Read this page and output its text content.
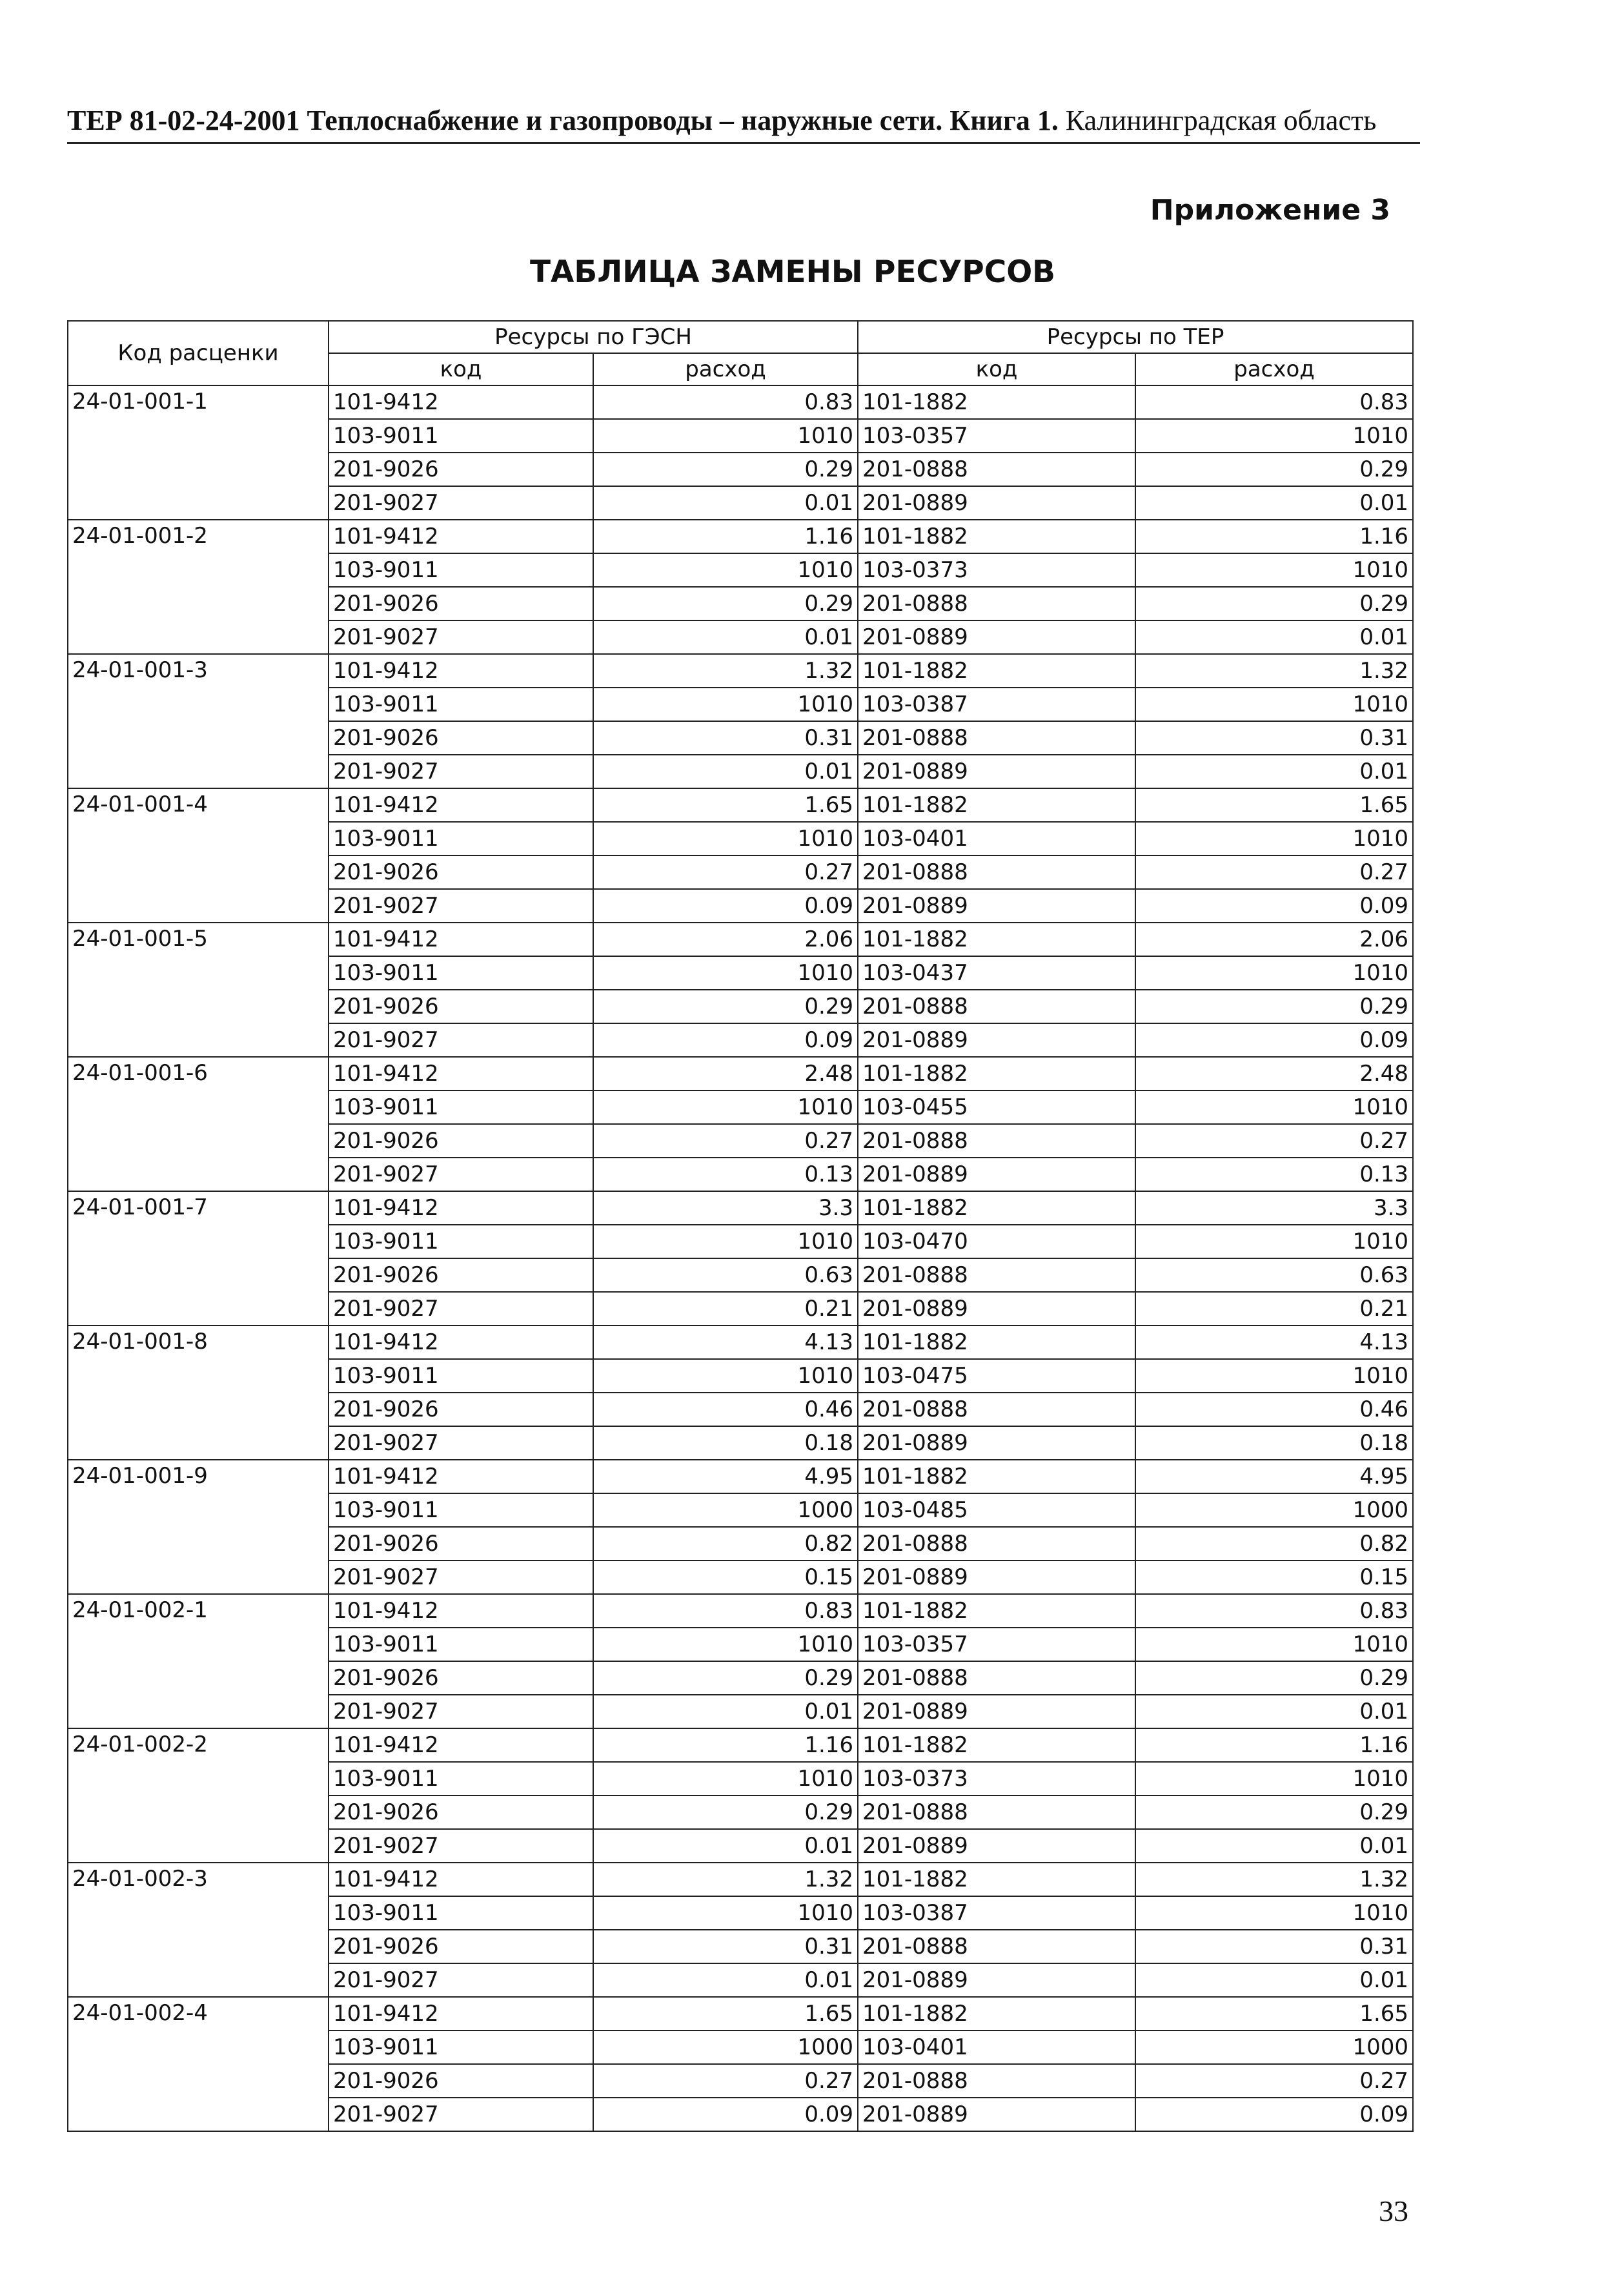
ТЕР 81-02-24-2001 Теплоснабжение и газопроводы – наружные сети. Книга 1. Калининградская область
Приложение 3
ТАБЛИЦА ЗАМЕНЫ РЕСУРСОВ
Код расценки	Ресурсы по ГЭСН		Ресурсы по ТЕР	
	код	расход	код	расход
24-01-001-1	101-9412	0.83	101-1882	0.83
	103-9011	1010	103-0357	1010
	201-9026	0.29	201-0888	0.29
	201-9027	0.01	201-0889	0.01
24-01-001-2	101-9412	1.16	101-1882	1.16
	103-9011	1010	103-0373	1010
	201-9026	0.29	201-0888	0.29
	201-9027	0.01	201-0889	0.01
24-01-001-3	101-9412	1.32	101-1882	1.32
	103-9011	1010	103-0387	1010
	201-9026	0.31	201-0888	0.31
	201-9027	0.01	201-0889	0.01
24-01-001-4	101-9412	1.65	101-1882	1.65
	103-9011	1010	103-0401	1010
	201-9026	0.27	201-0888	0.27
	201-9027	0.09	201-0889	0.09
24-01-001-5	101-9412	2.06	101-1882	2.06
	103-9011	1010	103-0437	1010
	201-9026	0.29	201-0888	0.29
	201-9027	0.09	201-0889	0.09
24-01-001-6	101-9412	2.48	101-1882	2.48
	103-9011	1010	103-0455	1010
	201-9026	0.27	201-0888	0.27
	201-9027	0.13	201-0889	0.13
24-01-001-7	101-9412	3.3	101-1882	3.3
	103-9011	1010	103-0470	1010
	201-9026	0.63	201-0888	0.63
	201-9027	0.21	201-0889	0.21
24-01-001-8	101-9412	4.13	101-1882	4.13
	103-9011	1010	103-0475	1010
	201-9026	0.46	201-0888	0.46
	201-9027	0.18	201-0889	0.18
24-01-001-9	101-9412	4.95	101-1882	4.95
	103-9011	1000	103-0485	1000
	201-9026	0.82	201-0888	0.82
	201-9027	0.15	201-0889	0.15
24-01-002-1	101-9412	0.83	101-1882	0.83
	103-9011	1010	103-0357	1010
	201-9026	0.29	201-0888	0.29
	201-9027	0.01	201-0889	0.01
24-01-002-2	101-9412	1.16	101-1882	1.16
	103-9011	1010	103-0373	1010
	201-9026	0.29	201-0888	0.29
	201-9027	0.01	201-0889	0.01
24-01-002-3	101-9412	1.32	101-1882	1.32
	103-9011	1010	103-0387	1010
	201-9026	0.31	201-0888	0.31
	201-9027	0.01	201-0889	0.01
24-01-002-4	101-9412	1.65	101-1882	1.65
	103-9011	1000	103-0401	1000
	201-9026	0.27	201-0888	0.27
	201-9027	0.09	201-0889	0.09
33
